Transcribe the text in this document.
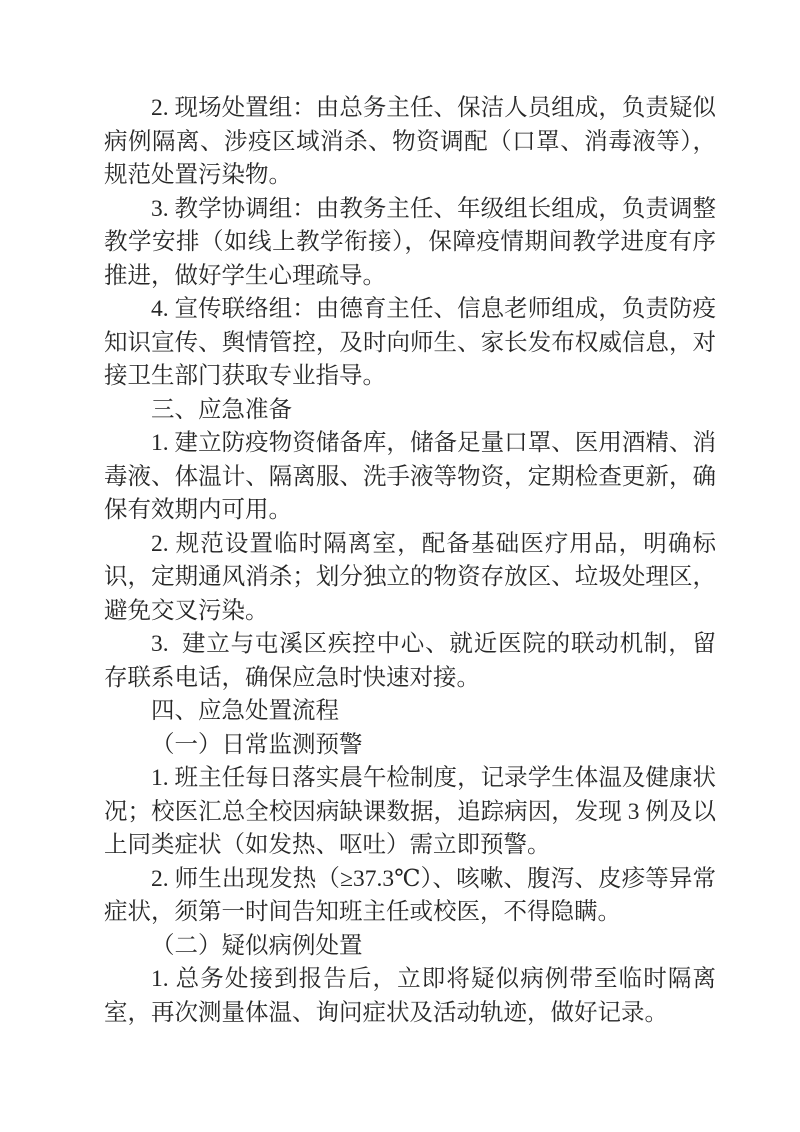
2. 现场处置组：由总务主任、保洁人员组成，负责疑似病例隔离、涉疫区域消杀、物资调配（口罩、消毒液等），规范处置污染物。

3. 教学协调组：由教务主任、年级组长组成，负责调整教学安排（如线上教学衔接），保障疫情期间教学进度有序推进，做好学生心理疏导。

4. 宣传联络组：由德育主任、信息老师组成，负责防疫知识宣传、舆情管控，及时向师生、家长发布权威信息，对接卫生部门获取专业指导。

三、应急准备

1. 建立防疫物资储备库，储备足量口罩、医用酒精、消毒液、体温计、隔离服、洗手液等物资，定期检查更新，确保有效期内可用。

2. 规范设置临时隔离室，配备基础医疗用品，明确标识，定期通风消杀；划分独立的物资存放区、垃圾处理区，避免交叉污染。

3.  建立与屯溪区疾控中心、就近医院的联动机制，留存联系电话，确保应急时快速对接。

四、应急处置流程

（一）日常监测预警

1. 班主任每日落实晨午检制度，记录学生体温及健康状况；校医汇总全校因病缺课数据，追踪病因，发现 3 例及以上同类症状（如发热、呕吐）需立即预警。

2. 师生出现发热（≥37.3℃）、咳嗽、腹泻、皮疹等异常症状，须第一时间告知班主任或校医，不得隐瞒。

（二）疑似病例处置

1. 总务处接到报告后，立即将疑似病例带至临时隔离室，再次测量体温、询问症状及活动轨迹，做好记录。
